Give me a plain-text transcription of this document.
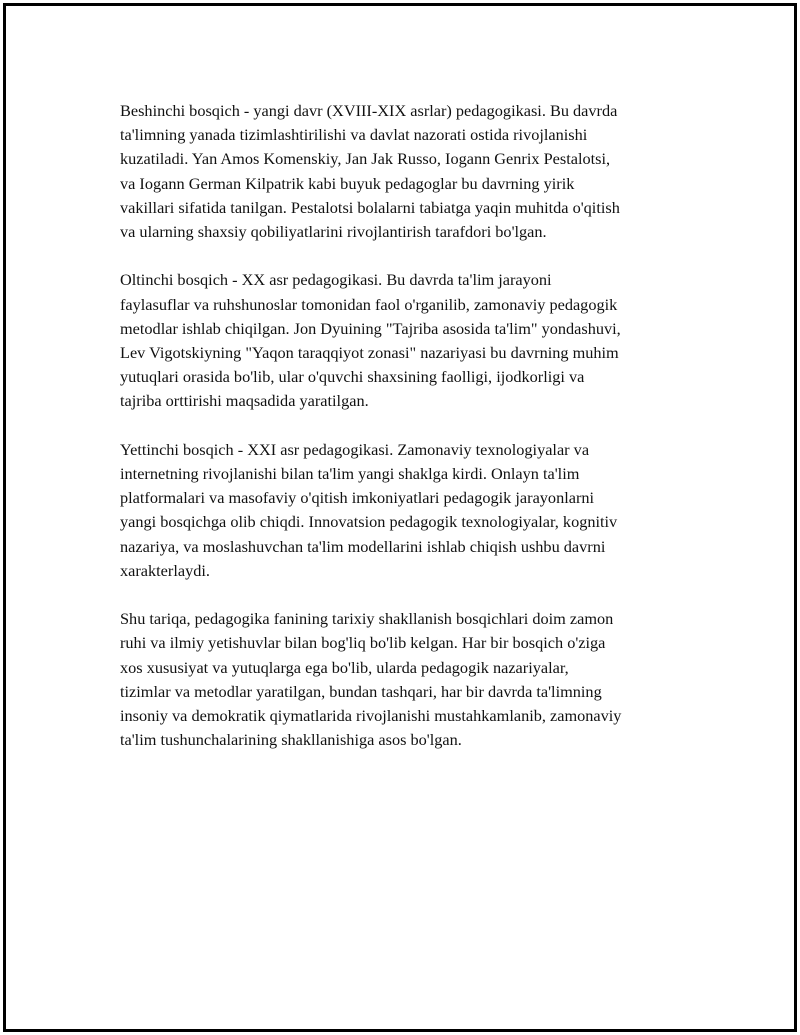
Beshinchi bosqich - yangi davr (XVIII-XIX asrlar) pedagogikasi. Bu davrda
ta'limning yanada tizimlashtirilishi va davlat nazorati ostida rivojlanishi
kuzatiladi. Yan Amos Komenskiy, Jan Jak Russo, Iogann Genrix Pestalotsi,
va Iogann German Kilpatrik kabi buyuk pedagoglar bu davrning yirik
vakillari sifatida tanilgan. Pestalotsi bolalarni tabiatga yaqin muhitda o'qitish
va ularning shaxsiy qobiliyatlarini rivojlantirish tarafdori bo'lgan.

Oltinchi bosqich - XX asr pedagogikasi. Bu davrda ta'lim jarayoni
faylasuflar va ruhshunoslar tomonidan faol o'rganilib, zamonaviy pedagogik
metodlar ishlab chiqilgan. Jon Dyuining "Tajriba asosida ta'lim" yondashuvi,
Lev Vigotskiyning "Yaqon taraqqiyot zonasi" nazariyasi bu davrning muhim
yutuqlari orasida bo'lib, ular o'quvchi shaxsining faolligi, ijodkorligi va
tajriba orttirishi maqsadida yaratilgan.

Yettinchi bosqich - XXI asr pedagogikasi. Zamonaviy texnologiyalar va
internetning rivojlanishi bilan ta'lim yangi shaklga kirdi. Onlayn ta'lim
platformalari va masofaviy o'qitish imkoniyatlari pedagogik jarayonlarni
yangi bosqichga olib chiqdi. Innovatsion pedagogik texnologiyalar, kognitiv
nazariya, va moslashuvchan ta'lim modellarini ishlab chiqish ushbu davrni
xarakterlaydi.

Shu tariqa, pedagogika fanining tarixiy shakllanish bosqichlari doim zamon
ruhi va ilmiy yetishuvlar bilan bog'liq bo'lib kelgan. Har bir bosqich o'ziga
xos xususiyat va yutuqlarga ega bo'lib, ularda pedagogik nazariyalar,
tizimlar va metodlar yaratilgan, bundan tashqari, har bir davrda ta'limning
insoniy va demokratik qiymatlarida rivojlanishi mustahkamlanib, zamonaviy
ta'lim tushunchalarining shakllanishiga asos bo'lgan.
